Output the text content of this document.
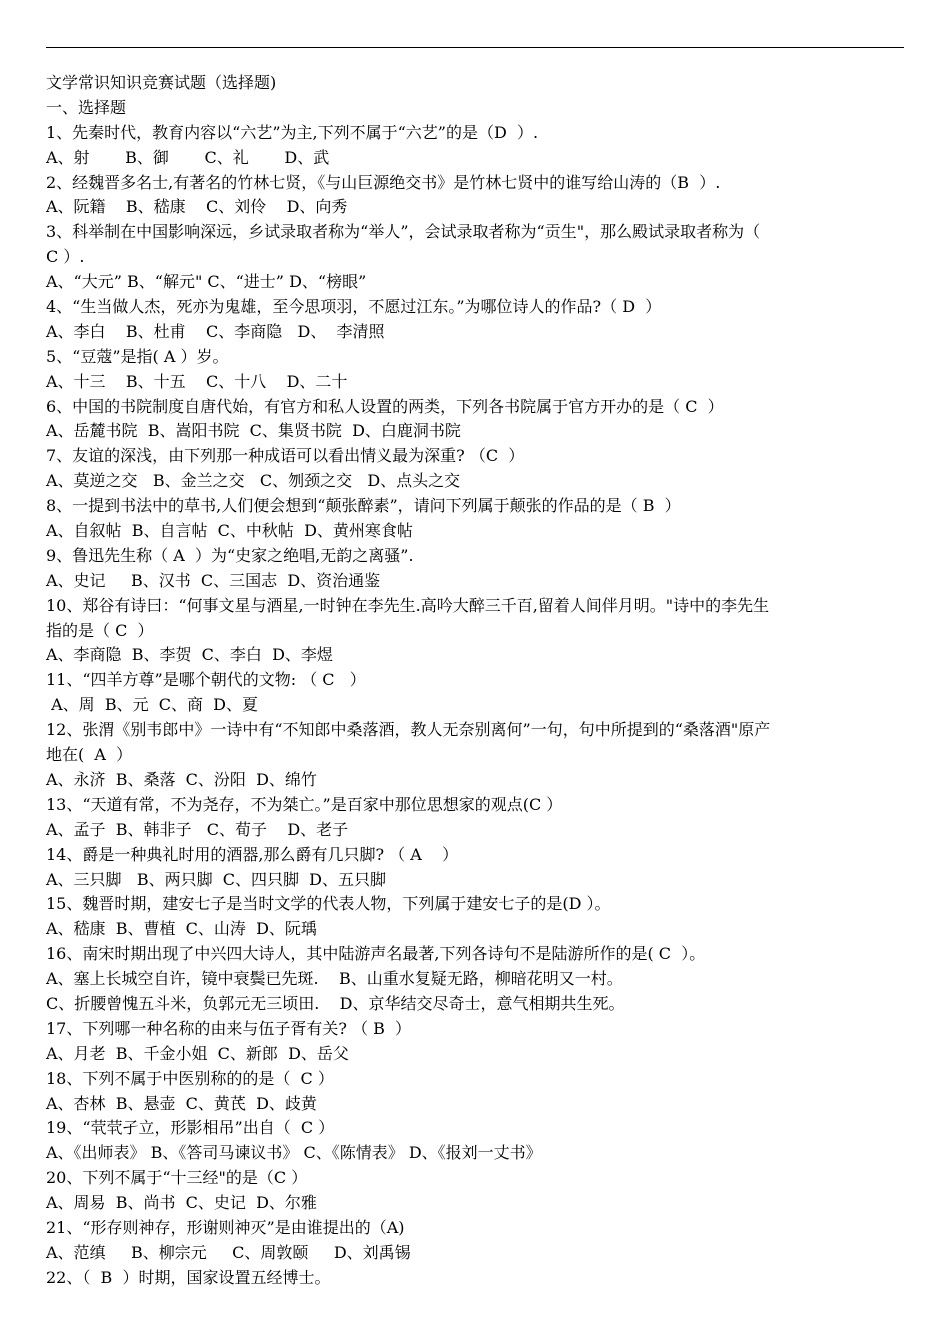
文学常识知识竞赛试题（选择题)
一、选择题
1、先秦时代，教育内容以“六艺”为主,下列不属于“六艺”的是（D  ）.
A、射       B、御       C、礼       D、武
2、经魏晋多名士,有著名的竹林七贤，《与山巨源绝交书》是竹林七贤中的谁写给山涛的（B  ）.
A、阮籍    B、嵇康    C、刘伶    D、向秀
3、科举制在中国影响深远，乡试录取者称为“举人”，会试录取者称为“贡生"，那么殿试录取者称为（
C ）.
A、“大元” B、“解元" C、“进士” D、“榜眼”
4、“生当做人杰，死亦为鬼雄，至今思项羽，不愿过江东。”为哪位诗人的作品?（ D  ）
A、李白    B、杜甫    C、李商隐   D、  李清照
5、“豆蔻”是指( A ）岁。
A、十三    B、十五    C、十八    D、二十
6、中国的书院制度自唐代始，有官方和私人设置的两类，下列各书院属于官方开办的是（ C  ）
A、岳麓书院  B、嵩阳书院  C、集贤书院  D、白鹿洞书院
7、友谊的深浅，由下列那一种成语可以看出情义最为深重? （C  ）
A、莫逆之交   B、金兰之交   C、刎颈之交   D、点头之交
8、一提到书法中的草书,人们便会想到“颠张醉素”，请问下列属于颠张的作品的是（ B  ）
A、自叙帖  B、自言帖  C、中秋帖  D、黄州寒食帖
9、鲁迅先生称（ A  ）为“史家之绝唱,无韵之离骚”.
A、史记     B、汉书  C、三国志  D、资治通鉴
10、郑谷有诗曰：“何事文星与酒星,一时钟在李先生.高吟大醉三千百,留着人间伴月明。"诗中的李先生
指的是（ C  ）
A、李商隐  B、李贺  C、李白  D、李煜
11、“四羊方尊”是哪个朝代的文物: （ C   ）
A、周  B、元  C、商  D、夏
12、张渭《别韦郎中》一诗中有“不知郎中桑落酒，教人无奈别离何”一句，句中所提到的“桑落酒"原产
地在(  A  ）
A、永济  B、桑落  C、汾阳  D、绵竹
13、“天道有常，不为尧存，不为桀亡。”是百家中那位思想家的观点(C ）
A、孟子  B、韩非子   C、荀子    D、老子
14、爵是一种典礼时用的酒器,那么爵有几只脚? （ A    ）
A、三只脚   B、两只脚  C、四只脚  D、五只脚
15、魏晋时期，建安七子是当时文学的代表人物，下列属于建安七子的是(D ）。
A、嵇康  B、曹植  C、山涛  D、阮瑀
16、南宋时期出现了中兴四大诗人，其中陆游声名最著,下列各诗句不是陆游所作的是( C  ）。
A、塞上长城空自许，镜中衰鬓已先斑.    B、山重水复疑无路，柳暗花明又一村。
C、折腰曾愧五斗米，负郭元无三顷田.    D、京华结交尽奇士，意气相期共生死。
17、下列哪一种名称的由来与伍子胥有关? （ B  ）
A、月老  B、千金小姐  C、新郎  D、岳父
18、下列不属于中医别称的的是（  C ）
A、杏林  B、悬壶  C、黄芪  D、歧黄
19、“茕茕孑立，形影相吊”出自（  C ）
A、《出师表》 B、《答司马谏议书》 C、《陈情表》 D、《报刘一丈书》
20、下列不属于“十三经"的是（C ）
A、周易  B、尚书  C、史记  D、尔雅
21、“形存则神存，形谢则神灭”是由谁提出的（A)
A、范缜     B、柳宗元     C、周敦颐     D、刘禹锡
22、（  B  ）时期，国家设置五经博士。
